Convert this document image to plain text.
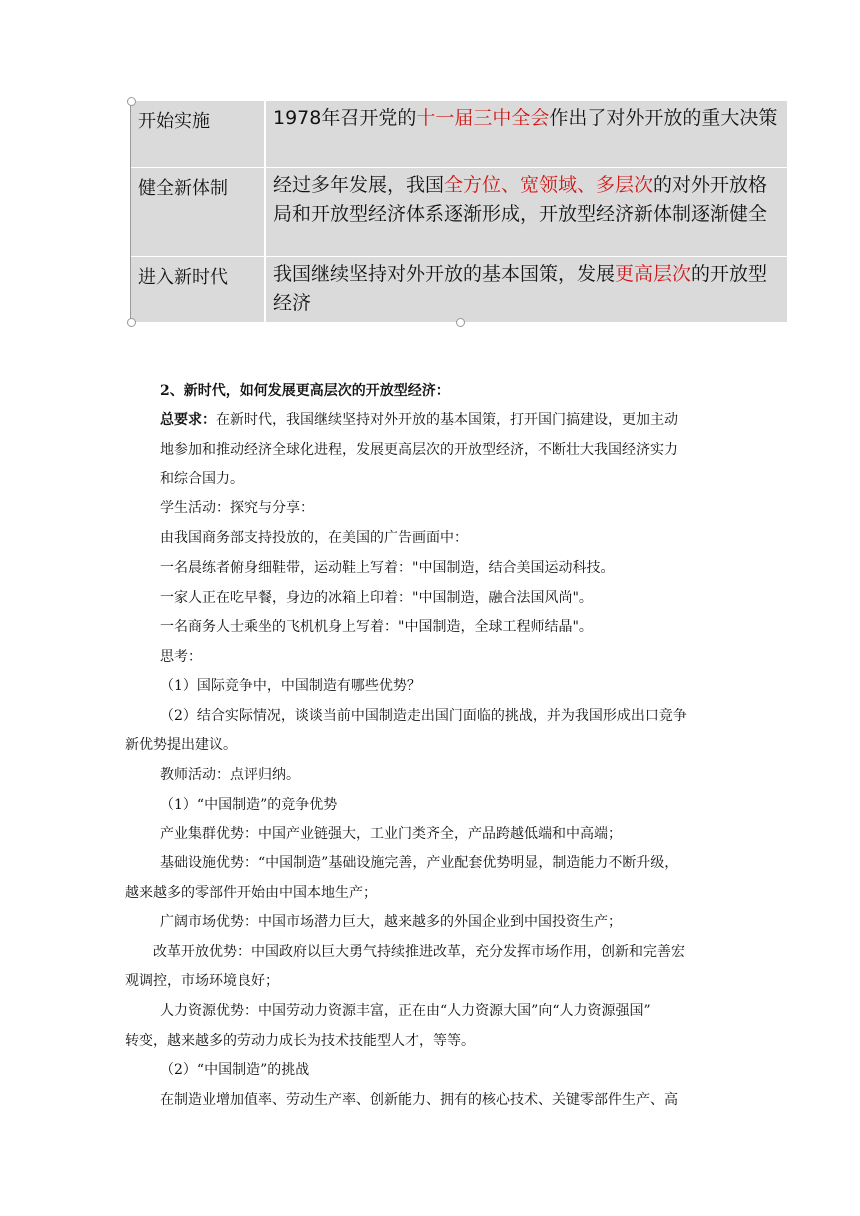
开始实施	1978年召开党的十一届三中全会作出了对外开放的重大决策
健全新体制 经过多年发展，我国全方位、宽领域、多层次的对外开放格局和开放型经济体系逐渐形成，开放型经济新体制逐渐健全
进入新时代 我国继续坚持对外开放的基本国策，发展更高层次的开放型经济
2、新时代，如何发展更高层次的开放型经济：
总要求：在新时代，我国继续坚持对外开放的基本国策，打开国门搞建设，更加主动
地参加和推动经济全球化进程，发展更高层次的开放型经济，不断壮大我国经济实力
和综合国力。
学生活动：探究与分享：
由我国商务部支持投放的，在美国的广告画面中：
一名晨练者俯身细鞋带，运动鞋上写着："中国制造，结合美国运动科技。
一家人正在吃早餐，身边的冰箱上印着："中国制造，融合法国风尚"。
一名商务人士乘坐的飞机机身上写着："中国制造，全球工程师结晶"。
思考：
（1）国际竞争中，中国制造有哪些优势？
（2）结合实际情况，谈谈当前中国制造走出国门面临的挑战，并为我国形成出口竞争
新优势提出建议。
教师活动：点评归纳。
（1）“中国制造”的竞争优势
产业集群优势：中国产业链强大，工业门类齐全，产品跨越低端和中高端；
基础设施优势：“中国制造”基础设施完善，产业配套优势明显，制造能力不断升级，
越来越多的零部件开始由中国本地生产；
广阔市场优势：中国市场潜力巨大，越来越多的外国企业到中国投资生产；
改革开放优势：中国政府以巨大勇气持续推进改革，充分发挥市场作用，创新和完善宏
观调控，市场环境良好；
人力资源优势：中国劳动力资源丰富，正在由“人力资源大国”向“人力资源强国”
转变，越来越多的劳动力成长为技术技能型人才，等等。
（2）“中国制造”的挑战
在制造业增加值率、劳动生产率、创新能力、拥有的核心技术、关键零部件生产、高
